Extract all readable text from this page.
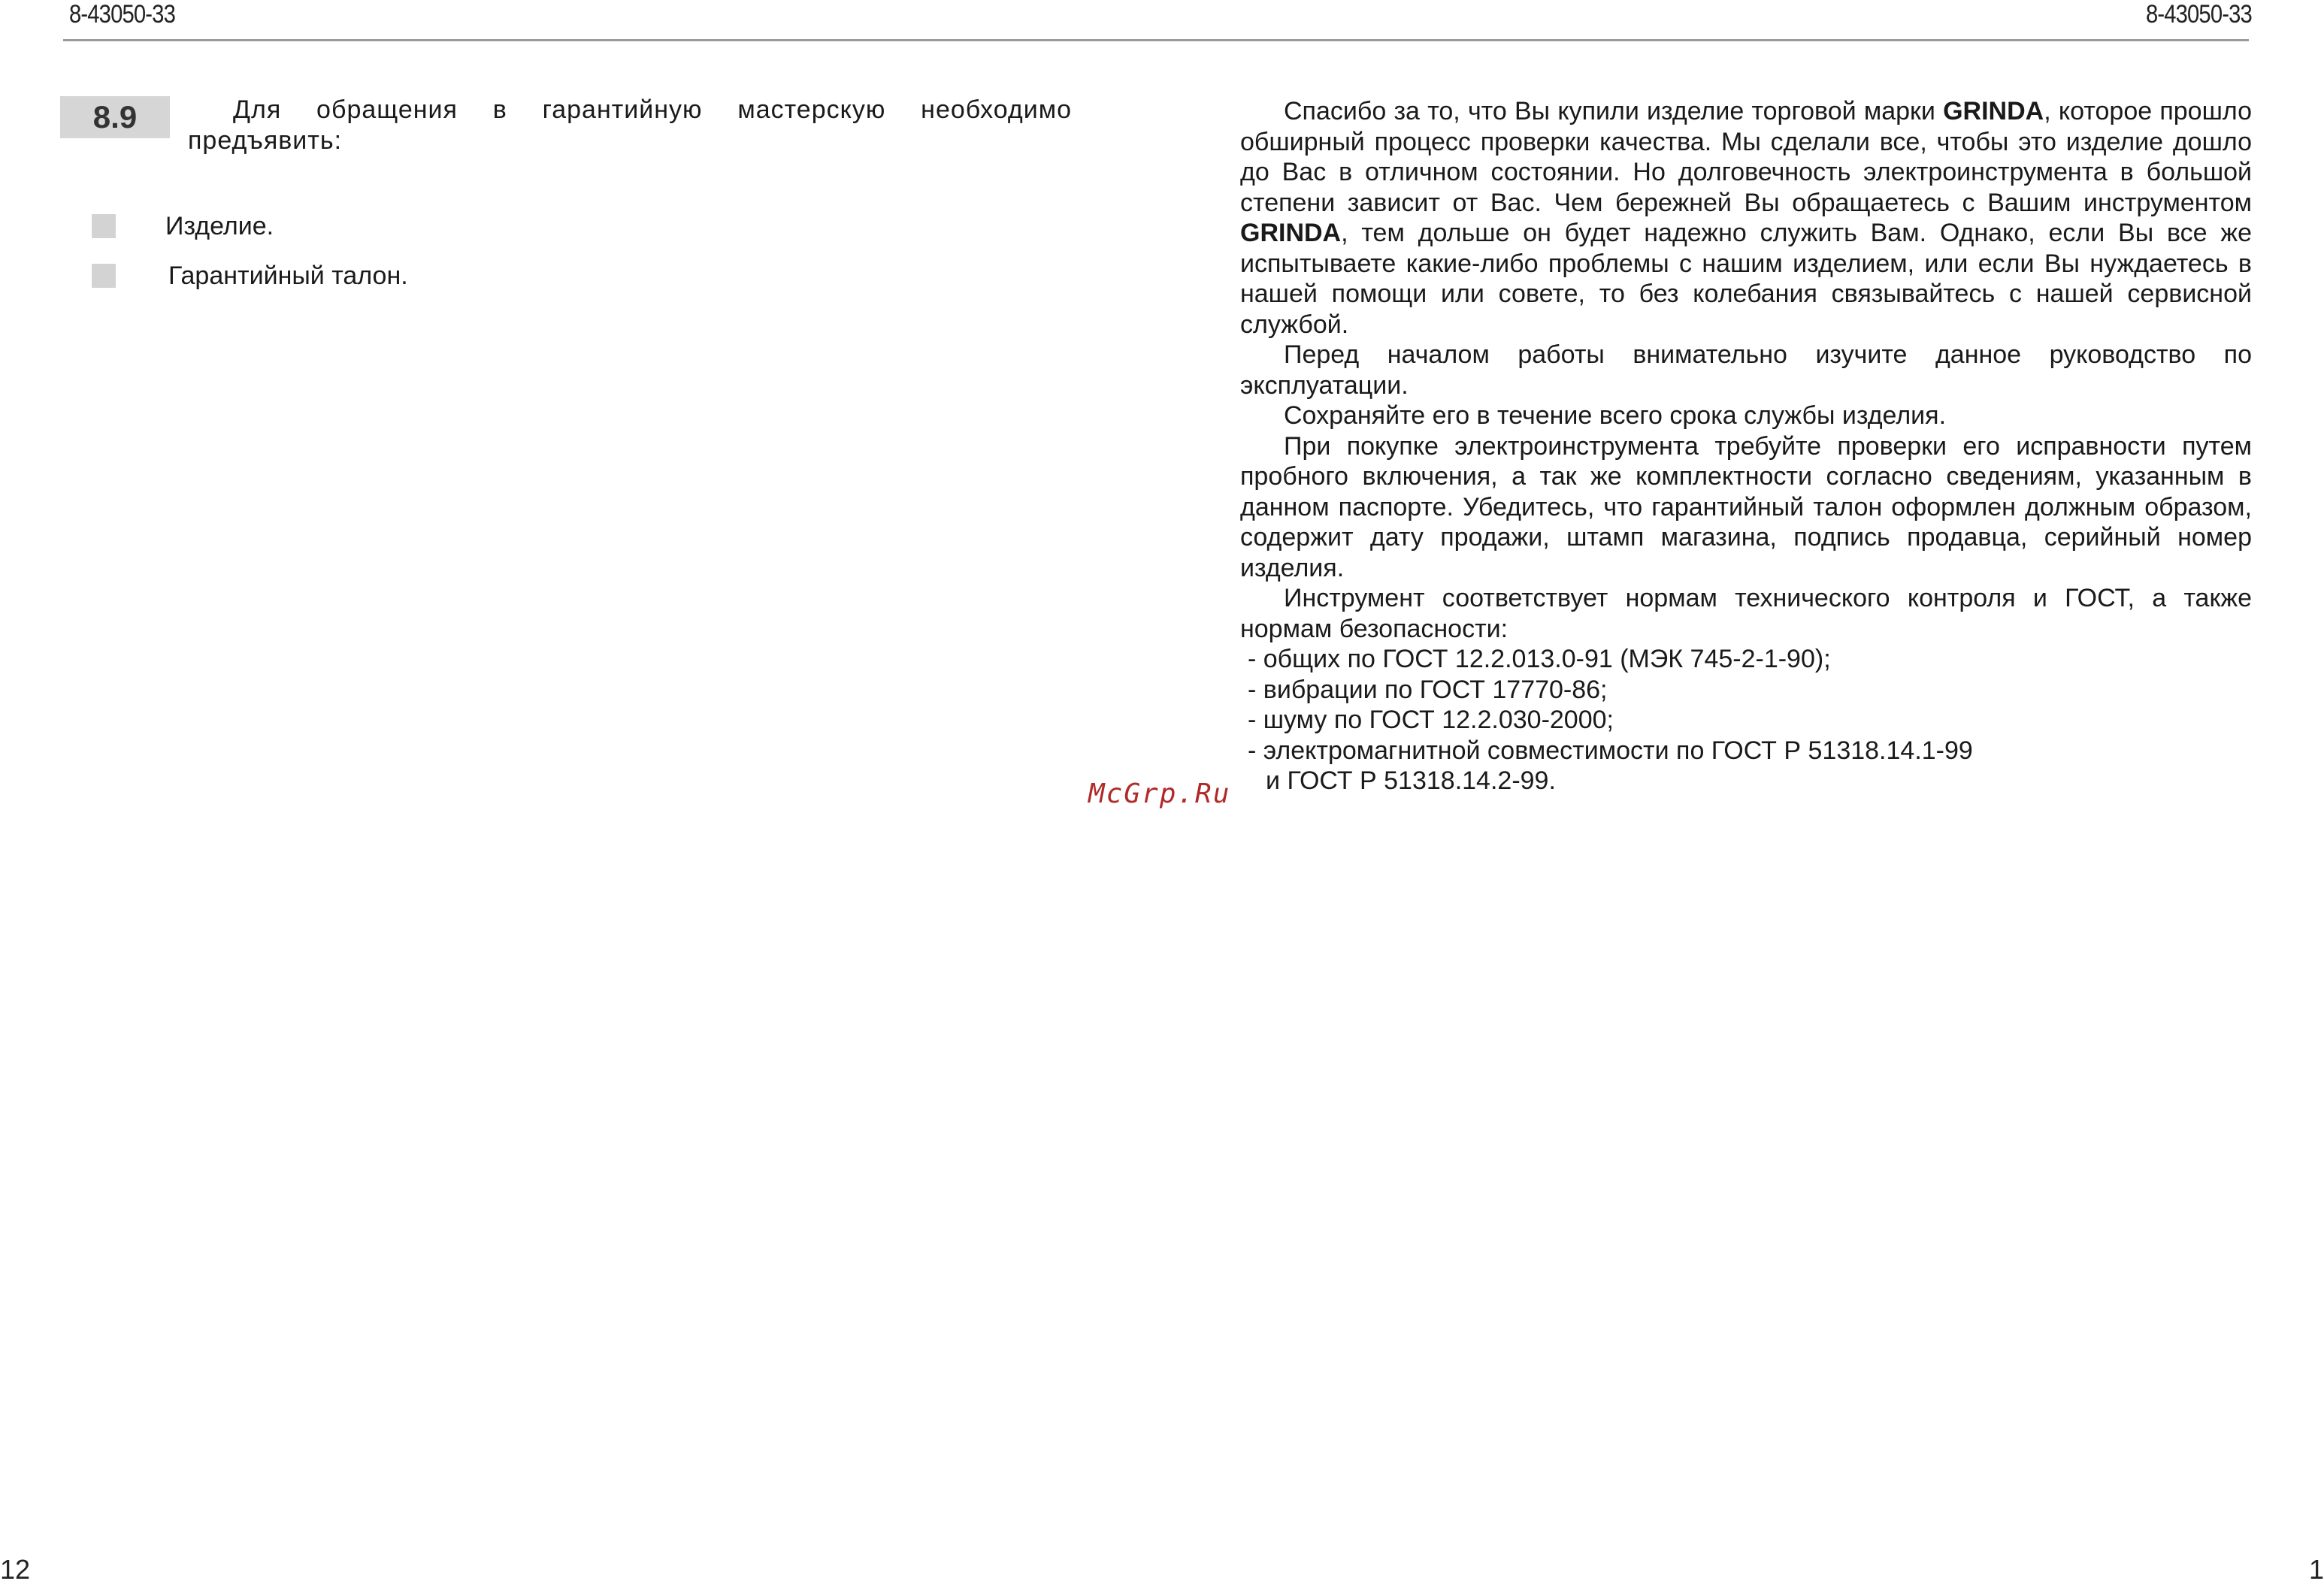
8-43050-33	8-43050-33
8.9	Для обращения в гарантийную мастерскую необходимо предъявить:

Изделие.
Гарантийный талон.
McGrp.Ru

Спасибо за то, что Вы купили изделие торговой марки GRINDA, которое прошло обширный процесс проверки качества. Мы сделали все, чтобы это изделие дошло до Вас в отличном состоянии. Но долговечность электроинструмента в большой степени зависит от Вас. Чем бережней Вы обращаетесь с Вашим инструментом GRINDA, тем дольше он будет надежно служить Вам. Однако, если Вы все же испытываете какие-либо проблемы с нашим изделием, или если Вы нуждаетесь в нашей помощи или совете, то без колебания связывайтесь с нашей сервисной службой.

Перед началом работы внимательно изучите данное руководство по эксплуатации.

Сохраняйте его в течение всего срока службы изделия.

При покупке электроинструмента требуйте проверки его исправности путем пробного включения, а так же комплектности согласно сведениям, указанным в данном паспорте. Убедитесь, что гарантийный талон оформлен должным образом, содержит дату продажи, штамп магазина, подпись продавца, серийный номер изделия.

Инструмент соответствует нормам технического контроля и ГОСТ, а также нормам безопасности:

- общих по ГОСТ 12.2.013.0-91 (МЭК 745-2-1-90);
- вибрации по ГОСТ 17770-86;
- шуму по ГОСТ 12.2.030-2000;
- электромагнитной совместимости по ГОСТ Р 51318.14.1-99
и ГОСТ Р 51318.14.2-99.
12	1
